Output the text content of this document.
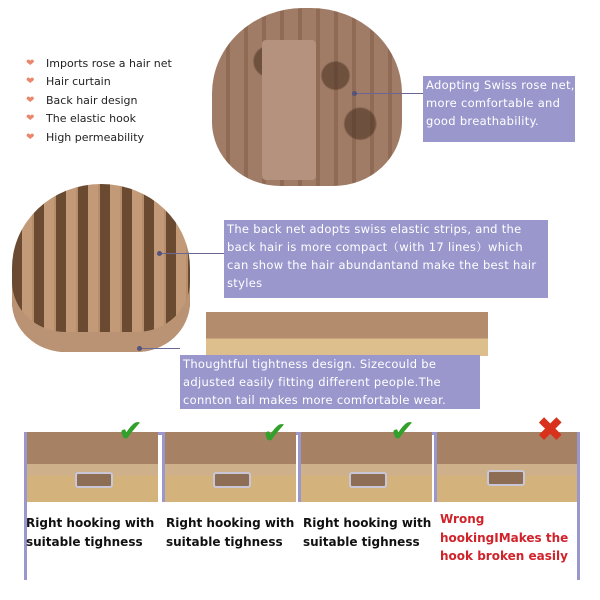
❤ Imports rose a hair net
❤ Hair curtain
❤ Back hair design
❤ The elastic hook
❤ High permeability
Adopting Swiss rose net, more comfortable and good breathability.
The back net adopts swiss elastic strips, and the back hair is more compact（with 17 lines）which can show the hair abundantand make the best hair styles
Thoughtful tightness design. Sizecould be adjusted easily fitting different people.The connton tail makes more comfortable wear.
✔	✔	✔	✖
Right hooking with suitable tighness
Right hooking with suitable tighness
Right hooking with suitable tighness
Wrong hookingIMakes the hook broken easily
